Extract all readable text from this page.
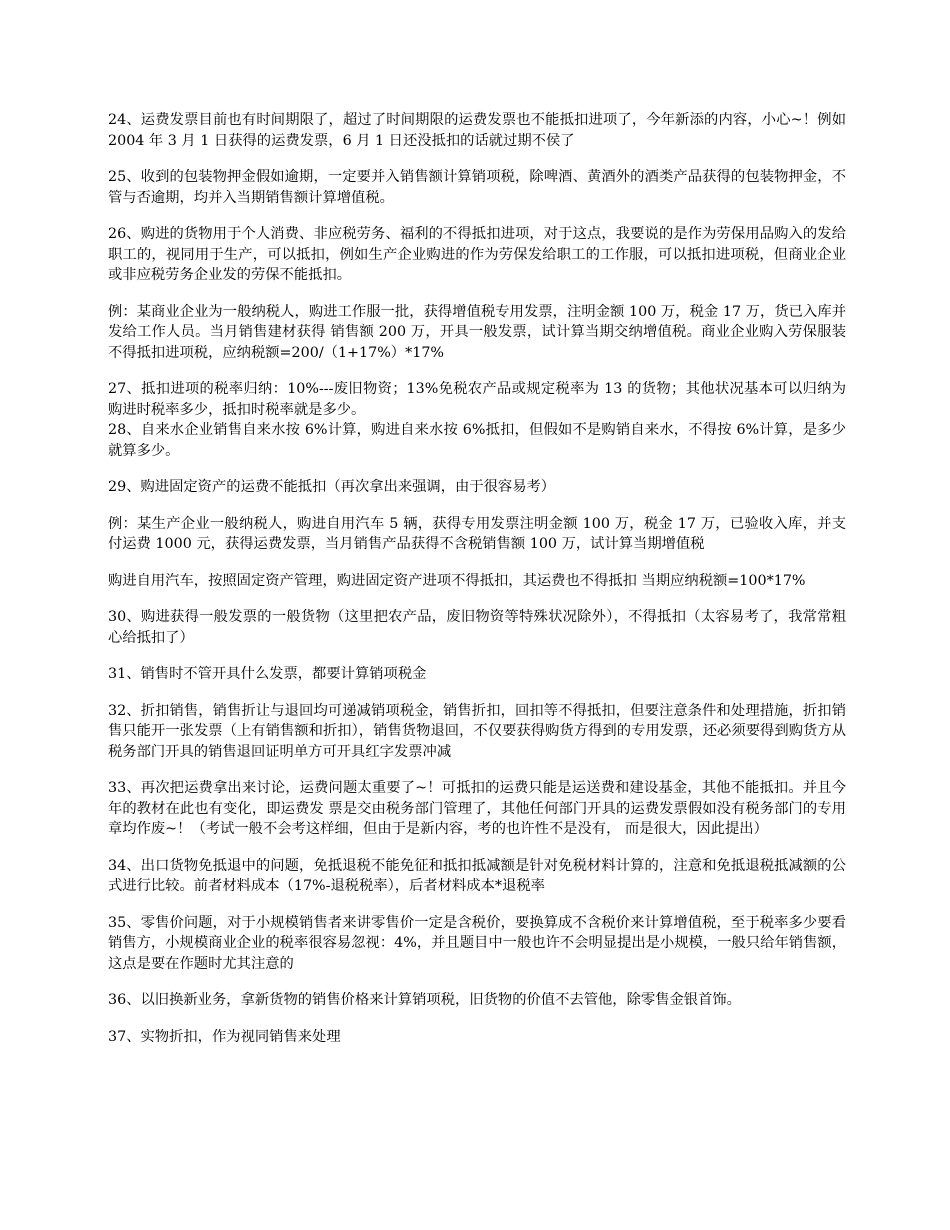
24、运费发票目前也有时间期限了，超过了时间期限的运费发票也不能抵扣进项了，今年新添的内容，小心~！例如 2004 年 3 月 1 日获得的运费发票，6 月 1 日还没抵扣的话就过期不侯了

25、收到的包装物押金假如逾期，一定要并入销售额计算销项税，除啤酒、黄酒外的酒类产品获得的包装物押金，不管与否逾期，均并入当期销售额计算增值税。

26、购进的货物用于个人消费、非应税劳务、福利的不得抵扣进项，对于这点，我要说的是作为劳保用品购入的发给职工的，视同用于生产，可以抵扣，例如生产企业购进的作为劳保发给职工的工作服，可以抵扣进项税，但商业企业或非应税劳务企业发的劳保不能抵扣。

例：某商业企业为一般纳税人，购进工作服一批，获得增值税专用发票，注明金额 100 万，税金 17 万，货已入库并发给工作人员。当月销售建材获得 销售额 200 万，开具一般发票，试计算当期交纳增值税。商业企业购入劳保服装不得抵扣进项税，应纳税额=200/（1+17%）*17%

27、抵扣进项的税率归纳：10%---废旧物资；13%免税农产品或规定税率为 13 的货物；其他状况基本可以归纳为购进时税率多少，抵扣时税率就是多少。

28、自来水企业销售自来水按 6%计算，购进自来水按 6%抵扣，但假如不是购销自来水，不得按 6%计算，是多少就算多少。

29、购进固定资产的运费不能抵扣（再次拿出来强调，由于很容易考）

例：某生产企业一般纳税人，购进自用汽车 5 辆，获得专用发票注明金额 100 万，税金 17 万，已验收入库，并支付运费 1000 元，获得运费发票，当月销售产品获得不含税销售额 100 万，试计算当期增值税

购进自用汽车，按照固定资产管理，购进固定资产进项不得抵扣，其运费也不得抵扣 当期应纳税额=100*17%

30、购进获得一般发票的一般货物（这里把农产品，废旧物资等特殊状况除外），不得抵扣（太容易考了，我常常粗心给抵扣了）

31、销售时不管开具什么发票，都要计算销项税金

32、折扣销售，销售折让与退回均可递减销项税金，销售折扣，回扣等不得抵扣，但要注意条件和处理措施，折扣销售只能开一张发票（上有销售额和折扣），销售货物退回，不仅要获得购货方得到的专用发票，还必须要得到购货方从税务部门开具的销售退回证明单方可开具红字发票冲减

33、再次把运费拿出来讨论，运费问题太重要了~！可抵扣的运费只能是运送费和建设基金，其他不能抵扣。并且今年的教材在此也有变化，即运费发 票是交由税务部门管理了，其他任何部门开具的运费发票假如没有税务部门的专用章均作废~！（考试一般不会考这样细，但由于是新内容，考的也许性不是没有， 而是很大，因此提出）

34、出口货物免抵退中的问题，免抵退税不能免征和抵扣抵减额是针对免税材料计算的，注意和免抵退税抵减额的公式进行比较。前者材料成本（17%-退税税率），后者材料成本*退税率

35、零售价问题，对于小规模销售者来讲零售价一定是含税价，要换算成不含税价来计算增值税，至于税率多少要看销售方，小规模商业企业的税率很容易忽视：4%，并且题目中一般也许不会明显提出是小规模，一般只给年销售额，这点是要在作题时尤其注意的

36、以旧换新业务，拿新货物的销售价格来计算销项税，旧货物的价值不去管他，除零售金银首饰。

37、实物折扣，作为视同销售来处理
